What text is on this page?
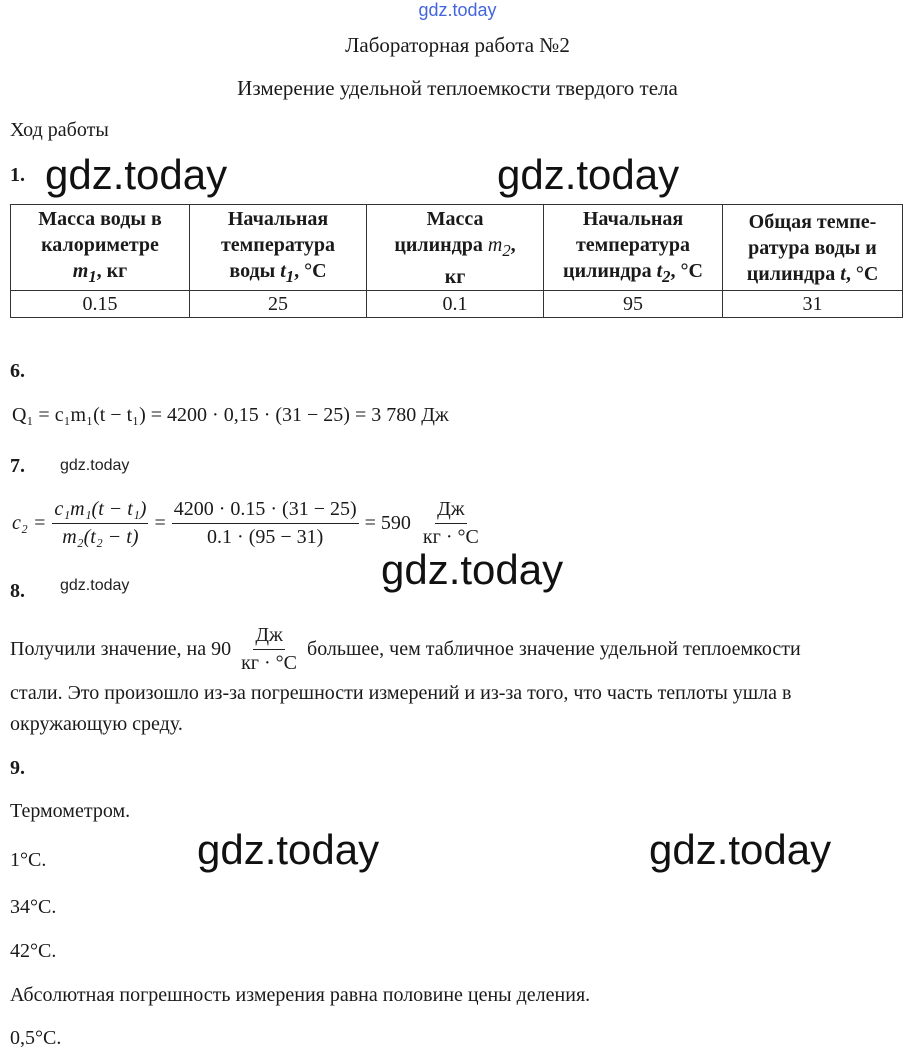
gdz.today
Лабораторная работа №2
Измерение удельной теплоемкости твердого тела
Ход работы
1. gdz.today	gdz.today
Масса воды в
калориметре
$m_1$, кг	Начальная
температура
воды $t_1$, °C	Масса
цилиндра $m_2$,
кг	Начальная
температура
цилиндра $t_2$, °C	Общая темпе-
ратура воды и
цилиндра t, °C
0.15	25	0.1	95	31
6.
Q₁ = c₁m₁(t − t₁) = 4200 · 0,15 · (31 − 25) = 3 780 Дж
7. gdz.today
$c_2 = \frac{\text{c₁m₁(t − t₁)}}{\text{m₂(t₂ − t)}} = \frac{4200 \cdot 0.15 \cdot (31 - 25)}{0.1 \cdot (95 - 31)} = 590 \frac{Дж}{кг \cdot ^\circ C}$
gdz.today
8. gdz.today
Получили значение, на $90 \frac{Дж}{кг \cdot ^\circ C}$ большее, чем табличное значение удельной теплоемкости
стали. Это произошло из-за погрешности измерений и из-за того, что часть теплоты ушла в
окружающую среду.
9.
Термометром.
1°C.	gdz.today	gdz.today
34°C.
42°C.
Абсолютная погрешность измерения равна половине цены деления.
0,5°C.
